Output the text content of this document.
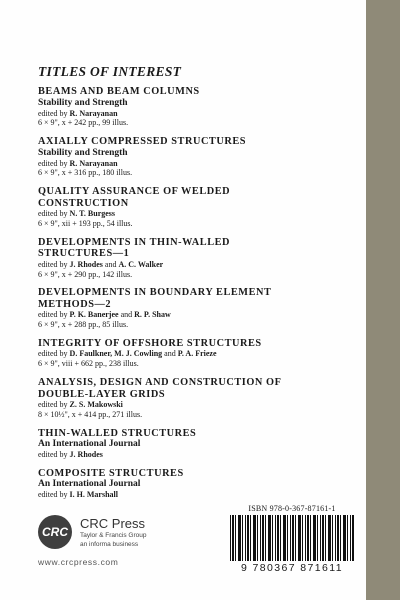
TITLES OF INTEREST
BEAMS AND BEAM COLUMNS
Stability and Strength
edited by R. Narayanan
6 × 9", x + 242 pp., 99 illus.
AXIALLY COMPRESSED STRUCTURES
Stability and Strength
edited by R. Narayanan
6 × 9", x + 316 pp., 180 illus.
QUALITY ASSURANCE OF WELDED
CONSTRUCTION
edited by N. T. Burgess
6 × 9", xii + 193 pp., 54 illus.
DEVELOPMENTS IN THIN-WALLED
STRUCTURES—1
edited by J. Rhodes and A. C. Walker
6 × 9", x + 290 pp., 142 illus.
DEVELOPMENTS IN BOUNDARY ELEMENT
METHODS—2
edited by P. K. Banerjee and R. P. Shaw
6 × 9", x + 288 pp., 85 illus.
INTEGRITY OF OFFSHORE STRUCTURES
edited by D. Faulkner, M. J. Cowling and P. A. Frieze
6 × 9", viii + 662 pp., 238 illus.
ANALYSIS, DESIGN AND CONSTRUCTION OF
DOUBLE-LAYER GRIDS
edited by Z. S. Makowski
8 × 10½", x + 414 pp., 271 illus.
THIN-WALLED STRUCTURES
An International Journal
edited by J. Rhodes
COMPOSITE STRUCTURES
An International Journal
edited by I. H. Marshall
CRC
CRC Press
Taylor & Francis Group
an informa business
www.crcpress.com
ISBN 978-0-367-87161-1
9 780367 871611
